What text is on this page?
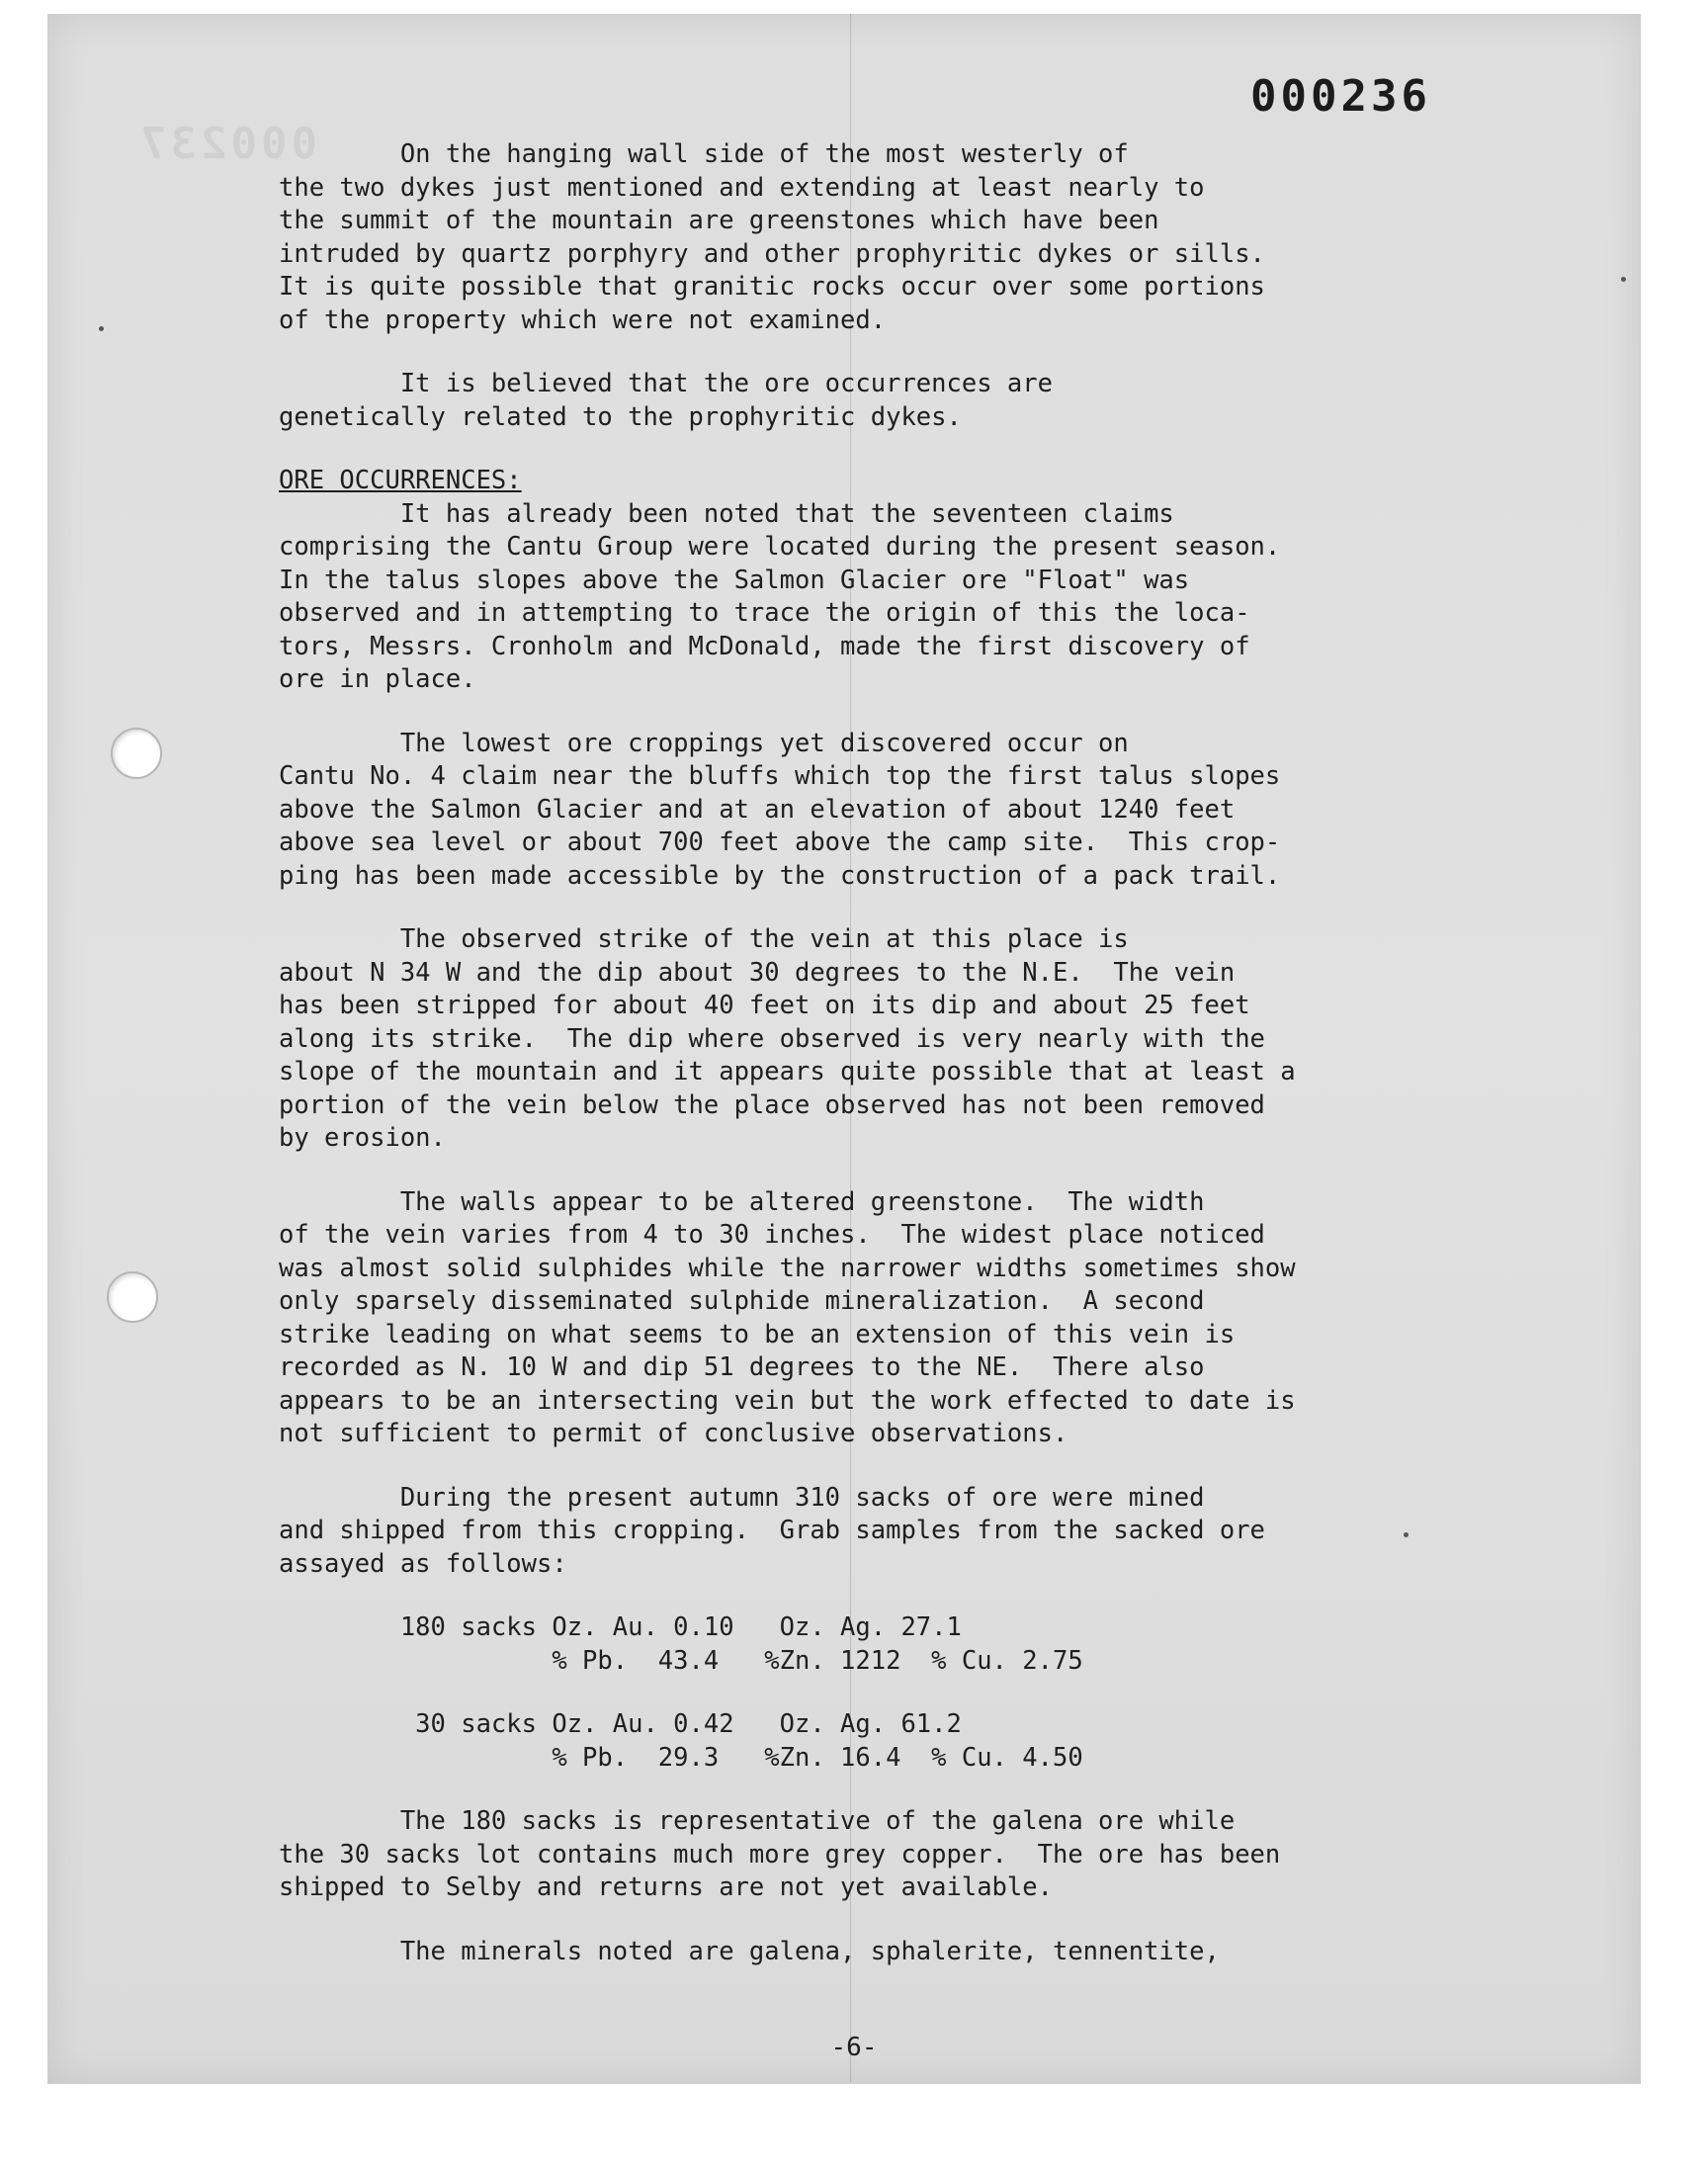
000237
000236
On the hanging wall side of the most westerly of
the two dykes just mentioned and extending at least nearly to
the summit of the mountain are greenstones which have been
intruded by quartz porphyry and other prophyritic dykes or sills.
It is quite possible that granitic rocks occur over some portions
of the property which were not examined.
It is believed that the ore occurrences are
genetically related to the prophyritic dykes.
ORE OCCURRENCES:
It has already been noted that the seventeen claims
comprising the Cantu Group were located during the present season.
In the talus slopes above the Salmon Glacier ore "Float" was
observed and in attempting to trace the origin of this the loca-
tors, Messrs. Cronholm and McDonald, made the first discovery of
ore in place.
The lowest ore croppings yet discovered occur on
Cantu No. 4 claim near the bluffs which top the first talus slopes
above the Salmon Glacier and at an elevation of about 1240 feet
above sea level or about 700 feet above the camp site.  This crop-
ping has been made accessible by the construction of a pack trail.
The observed strike of the vein at this place is
about N 34 W and the dip about 30 degrees to the N.E.  The vein
has been stripped for about 40 feet on its dip and about 25 feet
along its strike.  The dip where observed is very nearly with the
slope of the mountain and it appears quite possible that at least a
portion of the vein below the place observed has not been removed
by erosion.
The walls appear to be altered greenstone.  The width
of the vein varies from 4 to 30 inches.  The widest place noticed
was almost solid sulphides while the narrower widths sometimes show
only sparsely disseminated sulphide mineralization.  A second
strike leading on what seems to be an extension of this vein is
recorded as N. 10 W and dip 51 degrees to the NE.  There also
appears to be an intersecting vein but the work effected to date is
not sufficient to permit of conclusive observations.
During the present autumn 310 sacks of ore were mined
and shipped from this cropping.  Grab samples from the sacked ore
assayed as follows:
180 sacks Oz. Au. 0.10   Oz. Ag. 27.1
% Pb.  43.4   %Zn. 1212  % Cu. 2.75
30 sacks Oz. Au. 0.42   Oz. Ag. 61.2
% Pb.  29.3   %Zn. 16.4  % Cu. 4.50
The 180 sacks is representative of the galena ore while
the 30 sacks lot contains much more grey copper.  The ore has been
shipped to Selby and returns are not yet available.
The minerals noted are galena, sphalerite, tennentite,
-6-
